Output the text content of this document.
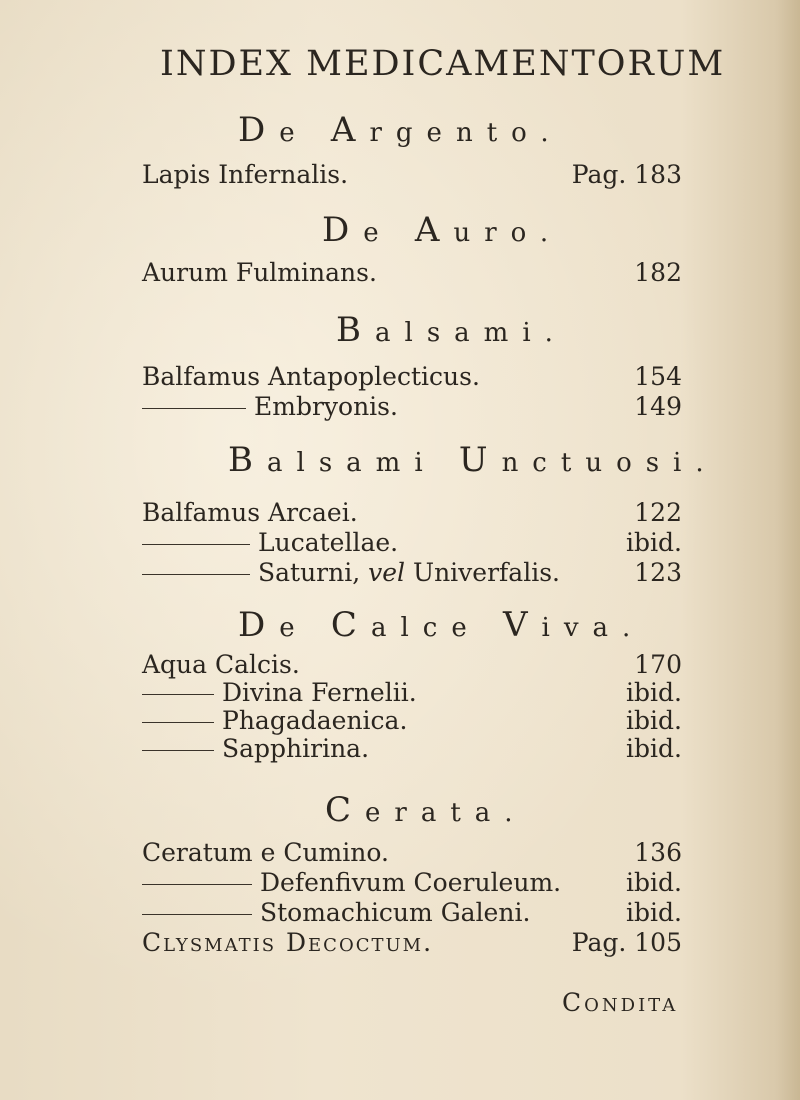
INDEX MEDICAMENTORUM
De Argento.
Lapis Infernalis.	Pag. 183
De Auro.
Aurum Fulminans.	182
Balsami.
Balfamus Antapoplecticus.	154
Embryonis.	149
Balsami Unctuosi.
Balfamus Arcaei.	122
Lucatellae.	ibid.
Saturni, vel Univerfalis.	123
De Calce Viva.
Aqua Calcis.	170
Divina Fernelii.	ibid.
Phagadaenica.	ibid.
Sapphirina.	ibid.
Cerata.
Ceratum e Cumino.	136
Defenfivum Coeruleum.	ibid.
Stomachicum Galeni.	ibid.
Clysmatis Decoctum.	Pag. 105
Condita
